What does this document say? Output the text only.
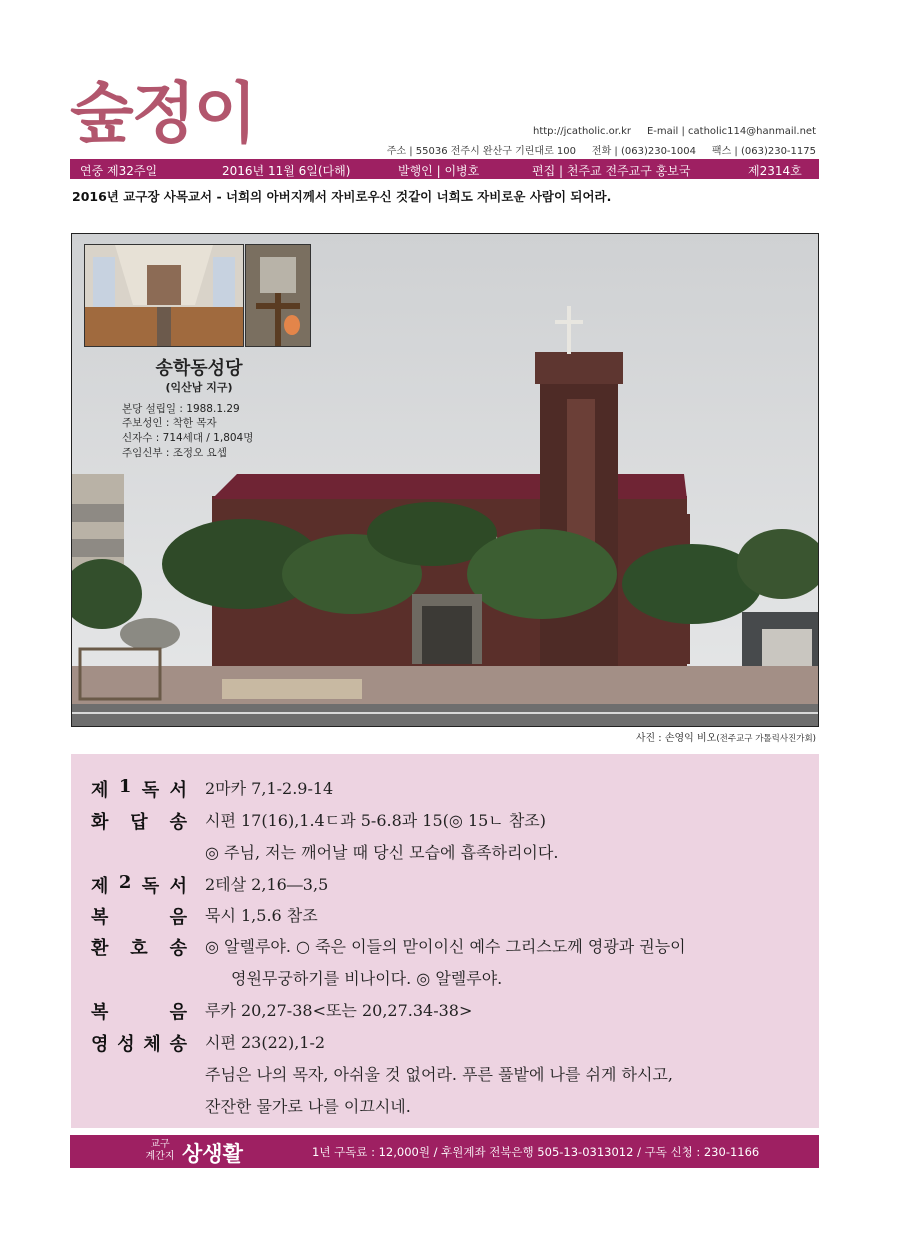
숲정이	http://jcatholic.or.kr E-mail | catholic114@hanmail.net
주소 | 55036 전주시 완산구 기린대로 100 전화 | (063)230-1004 팩스 | (063)230-1175
연중 제32주일	2016년 11월 6일(다해)	발행인 | 이병호	편집 | 천주교 전주교구 홍보국	제2314호
2016년 교구장 사목교서 - 너희의 아버지께서 자비로우신 것같이 너희도 자비로운 사람이 되어라.
송학동성당
(익산남 지구)
본당 설립일 : 1988.1.29
주보성인 : 착한 목자
신자수 : 714세대 / 1,804명
주임신부 : 조정오 요셉
사진 : 손영익 비오(전주교구 가톨릭사진가회)
제 1 독 서 2마카 7,1-2.9-14
화 답 송 시편 17(16),1.4ㄷ과 5-6.8과 15(◎ 15ㄴ 참조)
◎ 주님, 저는 깨어날 때 당신 모습에 흡족하리이다.
제 2 독 서 2테살 2,16―3,5
복	음 묵시 1,5.6 참조
환 호 송 ◎ 알렐루야. ○ 죽은 이들의 맏이이신 예수 그리스도께 영광과 권능이
영원무궁하기를 비나이다. ◎ 알렐루야.
복	음 루카 20,27-38<또는 20,27.34-38>
영 성 체 송 시편 23(22),1-2
주님은 나의 목자, 아쉬울 것 없어라. 푸른 풀밭에 나를 쉬게 하시고,
잔잔한 물가로 나를 이끄시네.
교구
계간지 상생활	1년 구독료 : 12,000원 / 후원계좌 전북은행 505-13-0313012 / 구독 신청 : 230-1166
